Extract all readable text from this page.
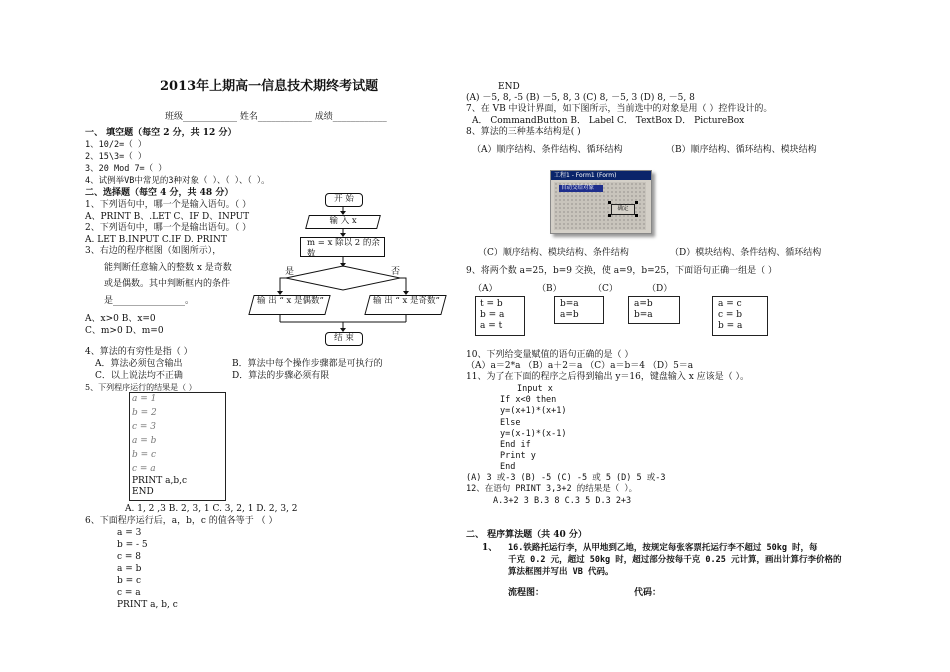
2013年上期高一信息技术期终考试题
班级____________ 姓名____________ 成绩____________
一、 填空题（每空 2 分，共 12 分）
1、10/2=（ ）
2、15\3=（ ）
3、20 Mod 7=（ ）
4、试例举VB中常见的3种对象（ ）、（ ）、（ ）。
二、选择题（每空 4 分，共 48 分）
1、下列语句中，哪一个是输入语句。（ ）
A、PRINT B、.LET C、IF D、INPUT
2、下列语句中，哪一个是输出语句。（ ）
A. LET B.INPUT C.IF D. PRINT
3、右边的程序框图（如图所示），
能判断任意输入的整数 x 是奇数
或是偶数。其中判断框内的条件
是________________。
A、x>0 B、x=0
C、m>0 D、m=0
开 始
输 入 x
m = x 除以 2 的余数
是	否
输 出 “ x 是偶数”	输 出 “ x 是奇数”
结 束
4、算法的有穷性是指（ ）
A．算法必须包含输出	B．算法中每个操作步骤都是可执行的
C．以上说法均不正确	D．算法的步骤必须有限
5、下列程序运行的结果是（ ）
a = 1
b = 2
c = 3
a = b
b = c
c = a
PRINT a,b,c
END
A. 1, 2 ,3 B. 2, 3, 1 C. 3, 2, 1 D. 2, 3, 2
6、下面程序运行后，a，b，c 的值各等于 （ ）
a = 3
b = - 5
c = 8
a = b
b = c
c = a
PRINT a, b, c
END
(A) －5, 8, -5 (B) －5, 8, 3 (C) 8, －5, 3 (D) 8, －5, 8
7、在 VB 中设计界面，如下图所示，当前选中的对象是用（ ）控件设计的。
A． CommandButton B． Label C． TextBox D． PictureBox
8、算法的三种基本结构是( )
（A）顺序结构、条件结构、循环结构	（B）顺序结构、循环结构、模块结构
工程1 - Form1 (Form)
自动交给对象
确定
（C）顺序结构、模块结构、条件结构	（D）模块结构、条件结构、循环结构
9、将两个数 a=25，b=9 交换，使 a=9，b=25，下面语句正确一组是（ ）
（A）	（B）	（C）	（D）
t = b
b = a
a = t
b=a
a=b
a=b
b=a
a = c
c = b
b = a
10、下列给变量赋值的语句正确的是（ ）
（A）a＝2*a （B）a＋2＝a （C）a＝b＝4 （D）5＝a
11、为了在下面的程序之后得到输出 y＝16，键盘输入 x 应该是（ ）。
Input x
If x<0 then
y=(x+1)*(x+1)
Else
y=(x-1)*(x-1)
End if
Print y
End
(A) 3 或-3 (B) -5 (C) -5 或 5 (D) 5 或-3
12、在语句 PRINT 3,3+2 的结果是（ ）。
A.3+2 3 B.3 8 C.3 5 D.3 2+3
二、 程序算法题（共 40 分）
1、 16.铁路托运行李，从甲地到乙地，按规定每张客票托运行李不超过 50kg 时，每
千克 0.2 元，超过 50kg 时，超过部分按每千克 0.25 元计算，画出计算行李价格的
算法框图并写出 VB 代码。
流程图：	代码：
